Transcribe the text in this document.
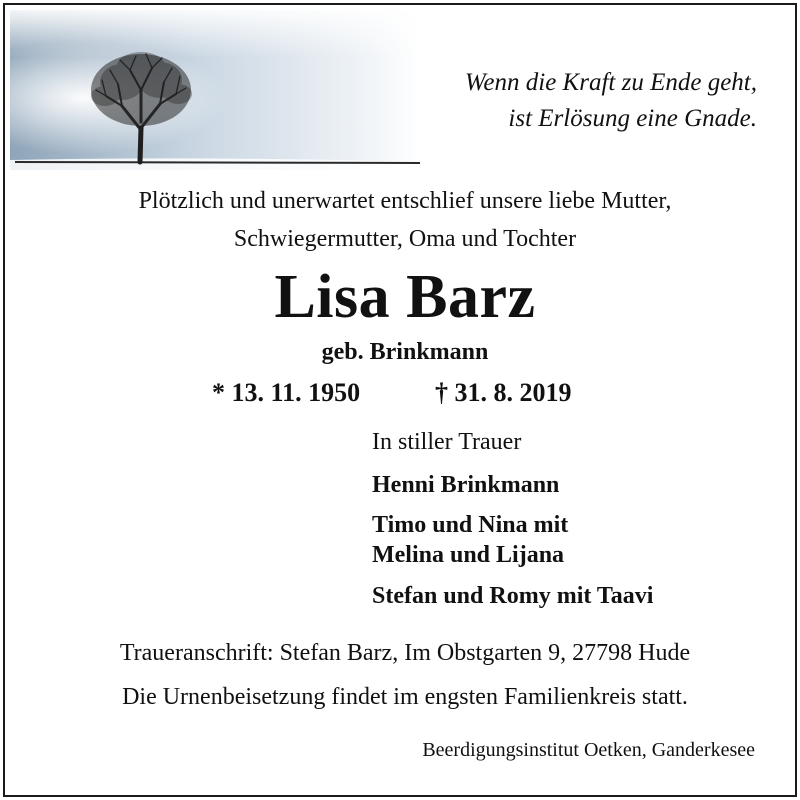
Wenn die Kraft zu Ende geht,
ist Erlösung eine Gnade.
Plötzlich und unerwartet entschlief unsere liebe Mutter,
Schwiegermutter, Oma und Tochter
Lisa Barz
geb. Brinkmann
* 13. 11. 1950	† 31. 8. 2019
In stiller Trauer
Henni Brinkmann
Timo und Nina mit
Melina und Lijana
Stefan und Romy mit Taavi
Traueranschrift: Stefan Barz, Im Obstgarten 9, 27798 Hude
Die Urnenbeisetzung findet im engsten Familienkreis statt.
Beerdigungsinstitut Oetken, Ganderkesee
